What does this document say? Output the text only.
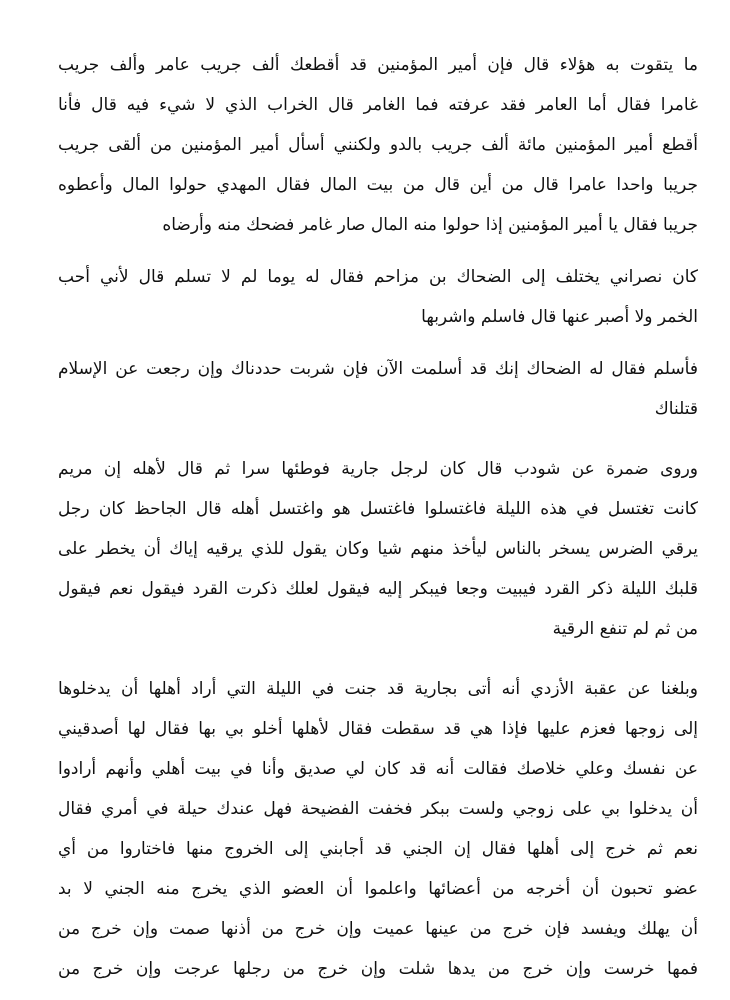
ما يتقوت به هؤلاء قال فإن أمير المؤمنين قد أقطعك ألف جريب عامر وألف جريب
غامرا فقال أما العامر فقد عرفته فما الغامر قال الخراب الذي لا شيء فيه قال فأنا
أقطع أمير المؤمنين مائة ألف جريب بالدو ولكنني أسأل أمير المؤمنين من ألقى جريب
جريبا واحدا عامرا قال من أين قال من بيت المال فقال المهدي حولوا المال وأعطوه
جريبا فقال يا أمير المؤمنين إذا حولوا منه المال صار غامر فضحك منه وأرضاه
كان نصراني يختلف إلى الضحاك بن مزاحم فقال له يوما لم لا تسلم قال لأني أحب
الخمر ولا أصبر عنها قال فاسلم واشربها
فأسلم فقال له الضحاك إنك قد أسلمت الآن فإن شربت حددناك وإن رجعت عن الإسلام
قتلناك
وروى ضمرة عن شودب قال كان لرجل جارية فوطئها سرا ثم قال لأهله إن مريم
كانت تغتسل في هذه الليلة فاغتسلوا فاغتسل هو واغتسل أهله قال الجاحظ كان رجل
يرقي الضرس يسخر بالناس ليأخذ منهم شيا وكان يقول للذي يرقيه إياك أن يخطر على
قلبك الليلة ذكر القرد فيبيت وجعا فيبكر إليه فيقول لعلك ذكرت القرد فيقول نعم فيقول
من ثم لم تنفع الرقية
وبلغنا عن عقبة الأزدي أنه أتى بجارية قد جنت في الليلة التي أراد أهلها أن يدخلوها
إلى زوجها فعزم عليها فإذا هي قد سقطت فقال لأهلها أخلو بي بها فقال لها أصدقيني
عن نفسك وعلي خلاصك فقالت أنه قد كان لي صديق وأنا في بيت أهلي وأنهم أرادوا
أن يدخلوا بي على زوجي ولست ببكر فخفت الفضيحة فهل عندك حيلة في أمري فقال
نعم ثم خرج إلى أهلها فقال إن الجني قد أجابني إلى الخروج منها فاختاروا من أي
عضو تحبون أن أخرجه من أعضائها واعلموا أن العضو الذي يخرج منه الجني لا بد
أن يهلك ويفسد فإن خرج من عينها عميت وإن خرج من أذنها صمت وإن خرج من
فمها خرست وإن خرج من يدها شلت وإن خرج من رجلها عرجت وإن خرج من
